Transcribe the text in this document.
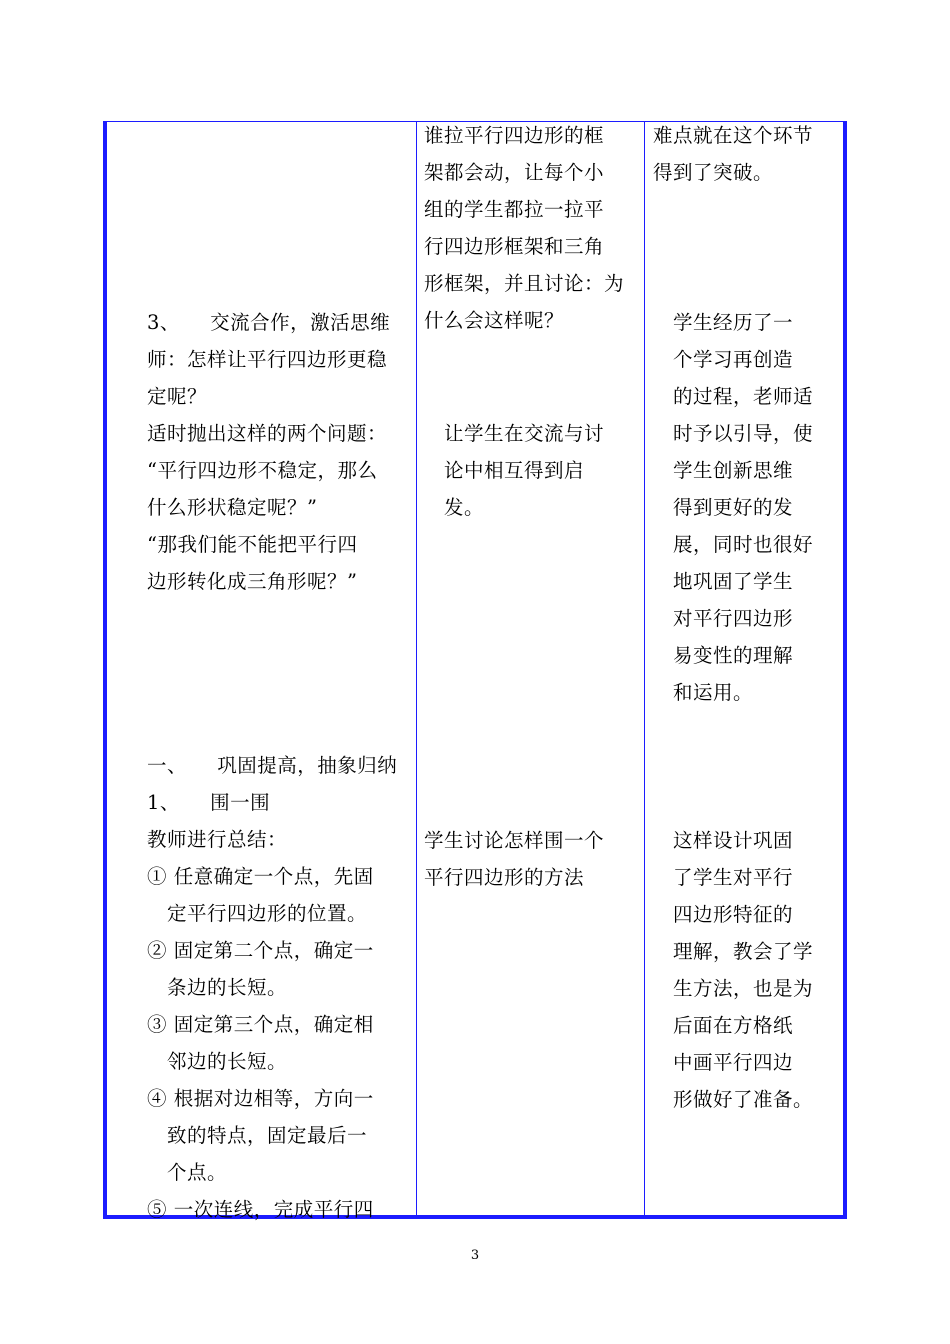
3、　　交流合作，激活思维

师：怎样让平行四边形更稳

定呢？

适时抛出这样的两个问题：

“平行四边形不稳定，那么

什么形状稳定呢？”

“那我们能不能把平行四

边形转化成三角形呢？”

一、　　巩固提高，抽象归纳

1、　　围一围

教师进行总结：

① 任意确定一个点，先固

　定平行四边形的位置。

② 固定第二个点，确定一

　条边的长短。

③ 固定第三个点，确定相

　邻边的长短。

④ 根据对边相等，方向一

　致的特点，固定最后一

　个点。

⑤ 一次连线，完成平行四

谁拉平行四边形的框

架都会动，让每个小

组的学生都拉一拉平

行四边形框架和三角

形框架，并且讨论：为

什么会这样呢？

　让学生在交流与讨

　论中相互得到启

　发。

学生讨论怎样围一个

平行四边形的方法

难点就在这个环节

得到了突破。

　学生经历了一

　个学习再创造

　的过程，老师适

　时予以引导，使

　学生创新思维

　得到更好的发

　展，同时也很好

　地巩固了学生

　对平行四边形

　易变性的理解

　和运用。

　这样设计巩固

　了学生对平行

　四边形特征的

　理解，教会了学

　生方法，也是为

　后面在方格纸

　中画平行四边

　形做好了准备。

3
